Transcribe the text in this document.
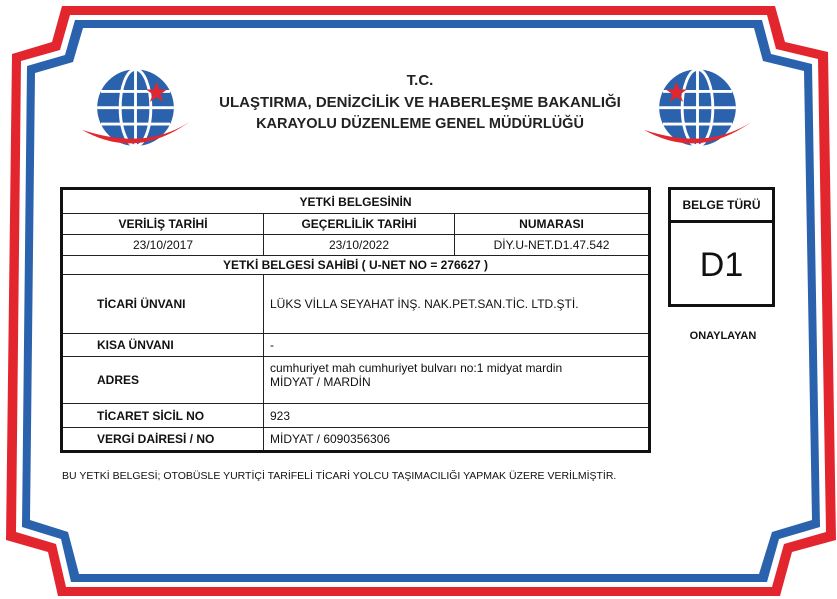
T.C.
ULAŞTIRMA, DENİZCİLİK VE HABERLEŞME BAKANLIĞI
KARAYOLU DÜZENLEME GENEL MÜDÜRLÜĞÜ
YETKİ BELGESİNİN		
VERİLİŞ TARİHİ	GEÇERLİLİK TARİHİ	NUMARASI
23/10/2017	23/10/2022	DİY.U-NET.D1.47.542
YETKİ BELGESİ SAHİBİ ( U-NET NO = 276627 )		
TİCARİ ÜNVANI	LÜKS VİLLA SEYAHAT İNŞ. NAK.PET.SAN.TİC. LTD.ŞTİ.	
KISA ÜNVANI	-	
ADRES	cumhuriyet mah cumhuriyet bulvarı no:1 midyat mardin
MİDYAT / MARDİN	

TİCARET SİCİL NO	923	
VERGİ DAİRESİ / NO	MİDYAT / 6090356306	
BELGE TÜRÜ
D1
ONAYLAYAN
BU YETKİ BELGESİ; OTOBÜSLE YURTİÇİ TARİFELİ TİCARİ YOLCU TAŞIMACILIĞI YAPMAK ÜZERE VERİLMİŞTİR.
